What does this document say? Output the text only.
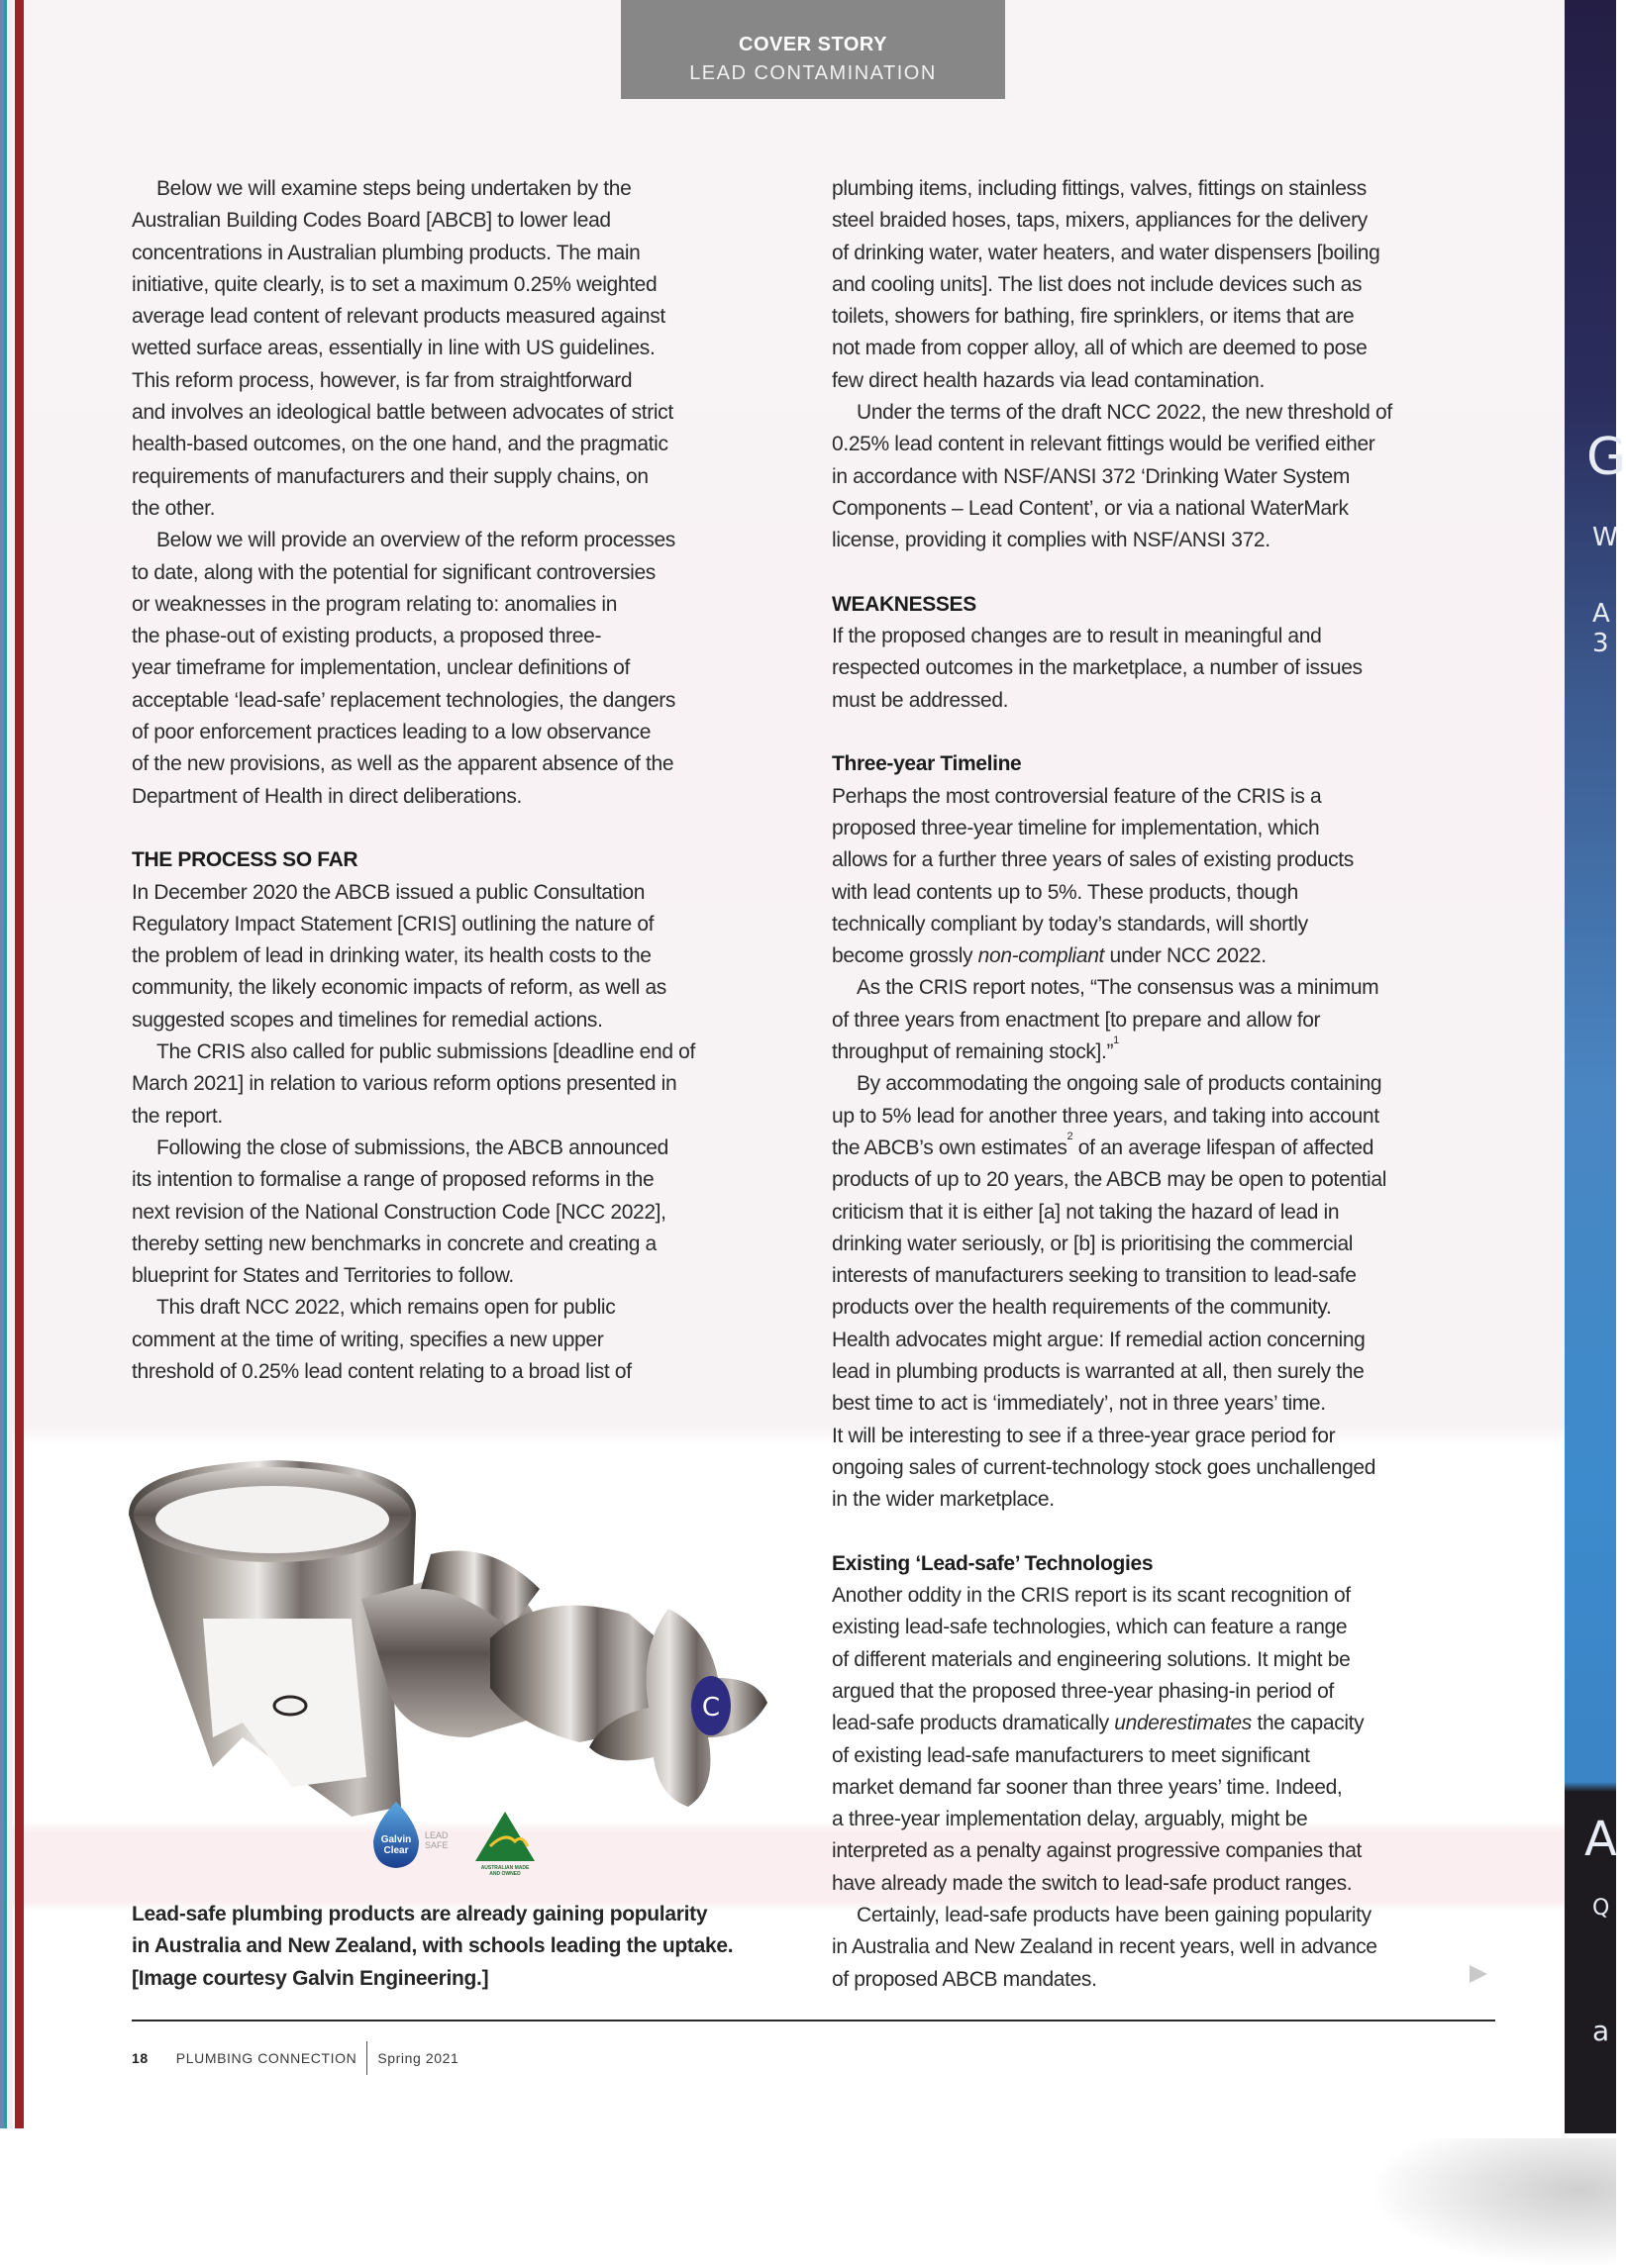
G
W
A
3
A
Q
a
COVER STORY
LEAD CONTAMINATION
Below we will examine steps being undertaken by the
Australian Building Codes Board [ABCB] to lower lead
concentrations in Australian plumbing products. The main
initiative, quite clearly, is to set a maximum 0.25% weighted
average lead content of relevant products measured against
wetted surface areas, essentially in line with US guidelines.
This reform process, however, is far from straightforward
and involves an ideological battle between advocates of strict
health-based outcomes, on the one hand, and the pragmatic
requirements of manufacturers and their supply chains, on
the other.
Below we will provide an overview of the reform processes
to date, along with the potential for significant controversies
or weaknesses in the program relating to: anomalies in
the phase-out of existing products, a proposed three-
year timeframe for implementation, unclear definitions of
acceptable ‘lead-safe’ replacement technologies, the dangers
of poor enforcement practices leading to a low observance
of the new provisions, as well as the apparent absence of the
Department of Health in direct deliberations.
THE PROCESS SO FAR
In December 2020 the ABCB issued a public Consultation
Regulatory Impact Statement [CRIS] outlining the nature of
the problem of lead in drinking water, its health costs to the
community, the likely economic impacts of reform, as well as
suggested scopes and timelines for remedial actions.
The CRIS also called for public submissions [deadline end of
March 2021] in relation to various reform options presented in
the report.
Following the close of submissions, the ABCB announced
its intention to formalise a range of proposed reforms in the
next revision of the National Construction Code [NCC 2022],
thereby setting new benchmarks in concrete and creating a
blueprint for States and Territories to follow.
This draft NCC 2022, which remains open for public
comment at the time of writing, specifies a new upper
threshold of 0.25% lead content relating to a broad list of
plumbing items, including fittings, valves, fittings on stainless
steel braided hoses, taps, mixers, appliances for the delivery
of drinking water, water heaters, and water dispensers [boiling
and cooling units]. The list does not include devices such as
toilets, showers for bathing, fire sprinklers, or items that are
not made from copper alloy, all of which are deemed to pose
few direct health hazards via lead contamination.
Under the terms of the draft NCC 2022, the new threshold of
0.25% lead content in relevant fittings would be verified either
in accordance with NSF/ANSI 372 ‘Drinking Water System
Components – Lead Content’, or via a national WaterMark
license, providing it complies with NSF/ANSI 372.
WEAKNESSES
If the proposed changes are to result in meaningful and
respected outcomes in the marketplace, a number of issues
must be addressed.
Three-year Timeline
Perhaps the most controversial feature of the CRIS is a
proposed three-year timeline for implementation, which
allows for a further three years of sales of existing products
with lead contents up to 5%. These products, though
technically compliant by today’s standards, will shortly
become grossly non-compliant under NCC 2022.
As the CRIS report notes, “The consensus was a minimum
of three years from enactment [to prepare and allow for
throughput of remaining stock].”$^1$
By accommodating the ongoing sale of products containing
up to 5% lead for another three years, and taking into account
the ABCB’s own estimates$^2$ of an average lifespan of affected
products of up to 20 years, the ABCB may be open to potential
criticism that it is either [a] not taking the hazard of lead in
drinking water seriously, or [b] is prioritising the commercial
interests of manufacturers seeking to transition to lead-safe
products over the health requirements of the community.
Health advocates might argue: If remedial action concerning
lead in plumbing products is warranted at all, then surely the
best time to act is ‘immediately’, not in three years’ time.
It will be interesting to see if a three-year grace period for
ongoing sales of current-technology stock goes unchallenged
in the wider marketplace.
Existing ‘Lead-safe’ Technologies
Another oddity in the CRIS report is its scant recognition of
existing lead-safe technologies, which can feature a range
of different materials and engineering solutions. It might be
argued that the proposed three-year phasing-in period of
lead-safe products dramatically underestimates the capacity
of existing lead-safe manufacturers to meet significant
market demand far sooner than three years’ time. Indeed,
a three-year implementation delay, arguably, might be
interpreted as a penalty against progressive companies that
have already made the switch to lead-safe product ranges.
Certainly, lead-safe products have been gaining popularity
in Australia and New Zealand in recent years, well in advance
of proposed ABCB mandates.
C
Galvin
Clear
LEAD
SAFE
AUSTRALIAN MADE
AND OWNED
Lead-safe plumbing products are already gaining popularity
in Australia and New Zealand, with schools leading the uptake.
[Image courtesy Galvin Engineering.]
18 PLUMBING CONNECTION Spring 2021
